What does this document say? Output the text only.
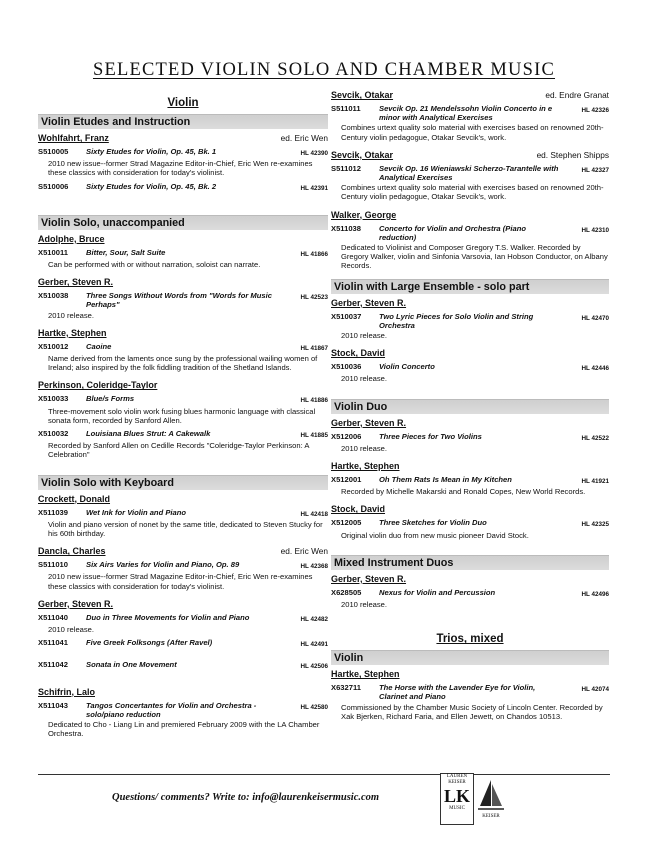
SELECTED VIOLIN SOLO AND CHAMBER MUSIC
Violin
Violin Etudes and Instruction
Wohlfahrt, Franz	ed. Eric Wen
S510005	Sixty Etudes for Violin, Op. 45, Bk. 1	HL 42390
2010 new issue--former Strad Magazine Editor-in-Chief, Eric Wen re-examines these classics with consideration for today's violinist.
S510006	Sixty Etudes for Violin, Op. 45, Bk. 2	HL 42391
Violin Solo, unaccompanied
Adolphe, Bruce
X510011	Bitter, Sour, Salt Suite	HL 41866
Can be performed with or without narration, soloist can narrate.
Gerber, Steven R.
X510038	Three Songs Without Words from "Words for Music Perhaps"
HL 42523
2010 release.
Hartke, Stephen
X510012	Caoine	HL 41867
Name derived from the laments once sung by the professional wailing women of Ireland; also inspired by the folk fiddling tradition of the Shetland Islands.
Perkinson, Coleridge-Taylor
X510033	Blue/s Forms	HL 41886
Three-movement solo violin work fusing blues harmonic language with classical sonata form, recorded by Sanford Allen.
X510032	Louisiana Blues Strut: A Cakewalk	HL 41885
Recorded by Sanford Allen on Cedille Records "Coleridge-Taylor Perkinson: A Celebration"
Violin Solo with Keyboard
Crockett, Donald
X511039	Wet Ink for Violin and Piano	HL 42418
Violin and piano version of nonet by the same title, dedicated to Steven Stucky for his 60th birthday.
Dancla, Charles	ed. Eric Wen
S511010	Six Airs Varies for Violin and Piano, Op. 89	HL 42368
2010 new issue--former Strad Magazine Editor-in-Chief, Eric Wen re-examines these classics with consideration for today's violinist.
Gerber, Steven R.
X511040	Duo in Three Movements for Violin and Piano	HL 42482
2010 release.
X511041	Five Greek Folksongs (After Ravel)	HL 42491
X511042	Sonata in One Movement	HL 42506
Schifrin, Lalo
X511043	Tangos Concertantes for Violin and Orchestra - solo/piano reduction
HL 42580
Dedicated to Cho - Liang Lin and premiered February 2009 with the LA Chamber Orchestra.
Sevcik, Otakar	ed. Endre Granat
S511011	Sevcik Op. 21 Mendelssohn Violin Concerto in e minor with Analytical Exercises
HL 42326
Combines urtext quality solo material with exercises based on renowned 20th-Century violin pedagogue, Otakar Sevcik's, work.
Sevcik, Otakar	ed. Stephen Shipps
S511012	Sevcik Op. 16 Wieniawski Scherzo-Tarantelle with Analytical Exercises
HL 42327
Combines urtext quality solo material with exercises based on renowned 20th-Century violin pedagogue, Otakar Sevcik's, work.
Walker, George
X511038	Concerto for Violin and Orchestra (Piano reduction)
HL 42310
Dedicated to Violinist and Composer Gregory T.S. Walker. Recorded by Gregory Walker, violin and Sinfonia Varsovia, Ian Hobson Conductor, on Albany Records.
Violin with Large Ensemble - solo part
Gerber, Steven R.
X510037	Two Lyric Pieces for Solo Violin and String Orchestra
HL 42470
2010 release.
Stock, David
X510036	Violin Concerto	HL 42446
2010 release.
Violin Duo
Gerber, Steven R.
X512006	Three Pieces for Two Violins	HL 42522
2010 release.
Hartke, Stephen
X512001	Oh Them Rats Is Mean in My Kitchen	HL 41921
Recorded by Michelle Makarski and Ronald Copes, New World Records.
Stock, David
X512005	Three Sketches for Violin Duo	HL 42325
Original violin duo from new music pioneer David Stock.
Mixed Instrument Duos
Gerber, Steven R.
X628505	Nexus for Violin and Percussion	HL 42496
2010 release.
Trios, mixed
Violin
Hartke, Stephen
X632711	The Horse with the Lavender Eye for Violin, Clarinet and Piano
HL 42074
Commissioned by the Chamber Music Society of Lincoln Center. Recorded by Xak Bjerken, Richard Faria, and Ellen Jewett, on Chandos 10513.
Questions/ comments? Write to: info@laurenkeisermusic.com
LAUREN
KEISER
LK
MUSIC
KEISER
